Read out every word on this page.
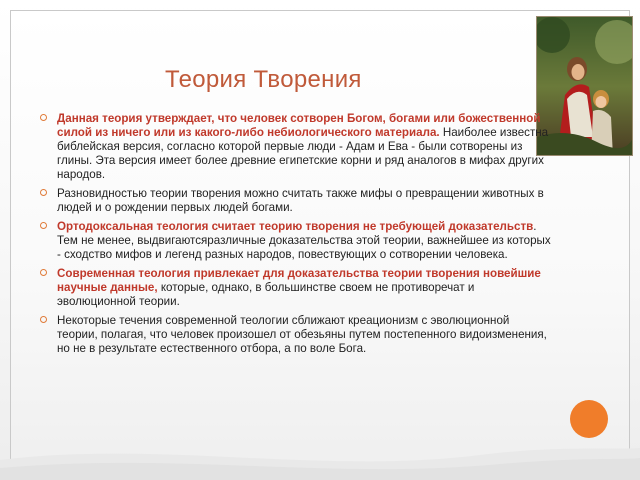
Теория Творения
Данная теория утверждает, что человек сотворен Богом, богами или божественной силой из ничего или из какого-либо небиологического материала. Наиболее известна библейская версия, согласно которой первые люди - Адам и Ева - были сотворены из глины. Эта версия имеет бoлее древние египетские корни и ряд аналогов в мифах других народов.
Разновидностью теории творения можно считать также мифы о превращении животных в людей и о рождении первых людей богами.
Ортодоксальная теология считает теорию творения не требующей доказательств. Тем не менее, выдвигаютсяразличные доказательства этой теории, важнейшее из которых - сходство мифов и легенд разных народов, повествующих о сотворении человека.
Современная теология привлекает для доказательства теории творения новейшие научные данные, которые, однако, в большинстве своем не противоречат и эволюционной теории.
Некоторые течения современной теологии сближают креационизм с эволюционной теории, полагая, что человек произошел от обезьяны путем постепенного видоизменения, но не в результате естественного отбора, а по воле Бога.
